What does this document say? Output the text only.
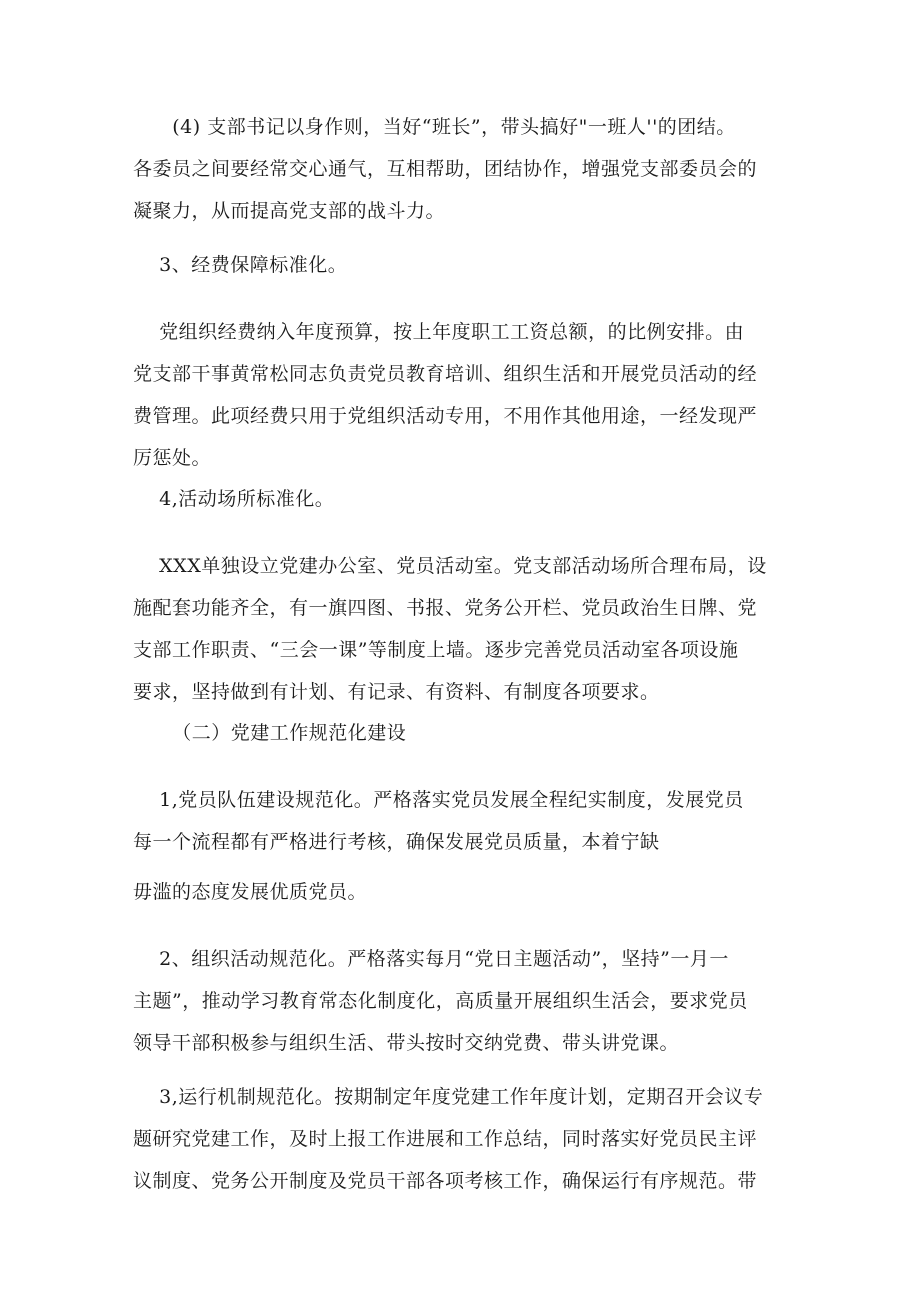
(4) 支部书记以身作则，当好“班长”，带头搞好"一班人''的团结。
各委员之间要经常交心通气，互相帮助，团结协作，增强党支部委员会的
凝聚力，从而提高党支部的战斗力。

3、经费保障标准化。

党组织经费纳入年度预算，按上年度职工工资总额，的比例安排。由
党支部干事黄常松同志负责党员教育培训、组织生活和开展党员活动的经
费管理。此项经费只用于党组织活动专用，不用作其他用途，一经发现严
厉惩处。

4,活动场所标准化。

XXX单独设立党建办公室、党员活动室。党支部活动场所合理布局，设
施配套功能齐全，有一旗四图、书报、党务公开栏、党员政治生日牌、党
支部工作职责、“三会一课”等制度上墙。逐步完善党员活动室各项设施
要求，坚持做到有计划、有记录、有资料、有制度各项要求。

（二）党建工作规范化建设

1,党员队伍建设规范化。严格落实党员发展全程纪实制度，发展党员
每一个流程都有严格进行考核，确保发展党员质量，本着宁缺

毋滥的态度发展优质党员。

2、组织活动规范化。严格落实每月“党日主题活动”，坚持”一月一
主题”，推动学习教育常态化制度化，高质量开展组织生活会，要求党员
领导干部积极参与组织生活、带头按时交纳党费、带头讲党课。

3,运行机制规范化。按期制定年度党建工作年度计划，定期召开会议专
题研究党建工作，及时上报工作进展和工作总结，同时落实好党员民主评
议制度、党务公开制度及党员干部各项考核工作，确保运行有序规范。带
